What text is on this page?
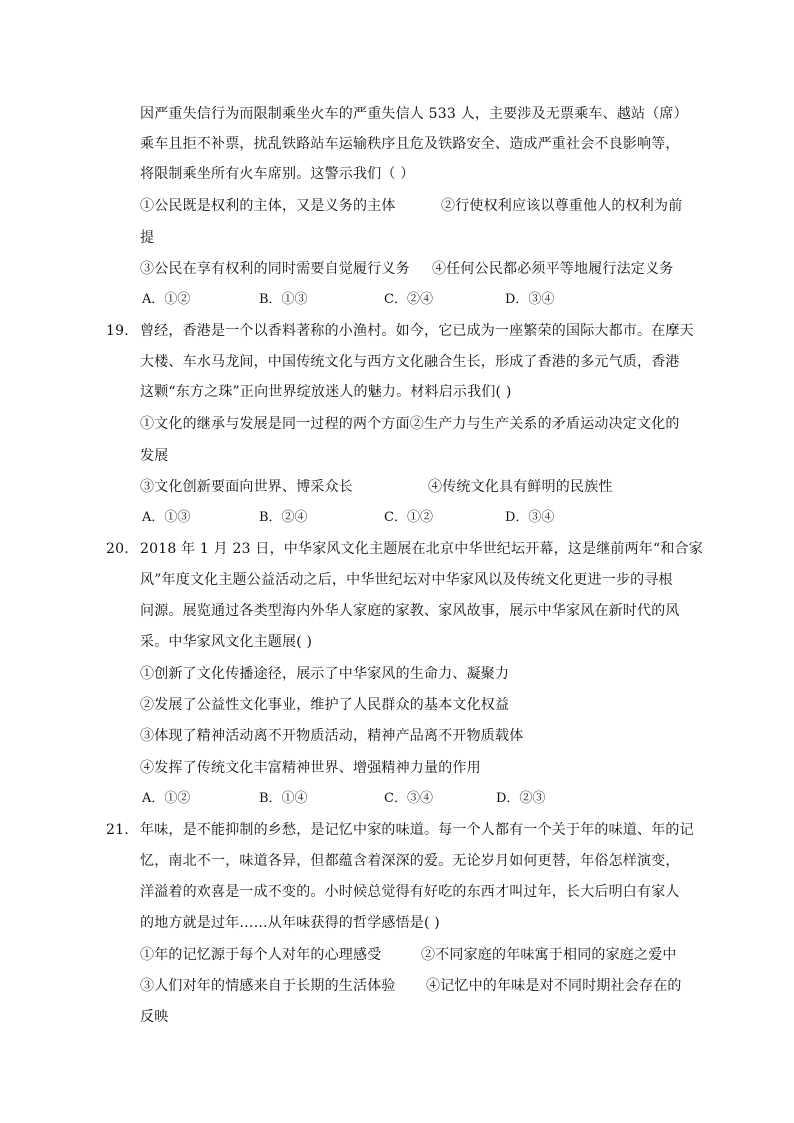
因严重失信行为而限制乘坐火车的严重失信人 533 人，主要涉及无票乘车、越站（席）
乘车且拒不补票，扰乱铁路站车运输秩序且危及铁路安全、造成严重社会不良影响等，
将限制乘坐所有火车席别。这警示我们（ ）
①公民既是权利的主体，又是义务的主体	②行使权利应该以尊重他人的权利为前
提
③公民在享有权利的同时需要自觉履行义务 ④任何公民都必须平等地履行法定义务
A．①②	B．①③	C．②④	D．③④
19. 曾经，香港是一个以香料著称的小渔村。如今，它已成为一座繁荣的国际大都市。在摩天
大楼、车水马龙间，中国传统文化与西方文化融合生长，形成了香港的多元气质，香港
这颗“东方之珠”正向世界绽放迷人的魅力。材料启示我们( )
①文化的继承与发展是同一过程的两个方面②生产力与生产关系的矛盾运动决定文化的
发展
③文化创新要面向世界、博采众长	④传统文化具有鲜明的民族性
A．①③	B．②④	C．①②	D．③④
20. 2018 年 1 月 23 日，中华家风文化主题展在北京中华世纪坛开幕，这是继前两年“和合家
风”年度文化主题公益活动之后，中华世纪坛对中华家风以及传统文化更进一步的寻根
问源。展览通过各类型海内外华人家庭的家教、家风故事，展示中华家风在新时代的风
采。中华家风文化主题展( )
①创新了文化传播途径，展示了中华家风的生命力、凝聚力
②发展了公益性文化事业，维护了人民群众的基本文化权益
③体现了精神活动离不开物质活动，精神产品离不开物质载体
④发挥了传统文化丰富精神世界、增强精神力量的作用
A．①②	B．①④	C．③④	D．②③
21. 年味，是不能抑制的乡愁，是记忆中家的味道。每一个人都有一个关于年的味道、年的记
忆，南北不一，味道各异，但都蕴含着深深的爱。无论岁月如何更替，年俗怎样演变，
洋溢着的欢喜是一成不变的。小时候总觉得有好吃的东西才叫过年，长大后明白有家人
的地方就是过年……从年味获得的哲学感悟是( )
①年的记忆源于每个人对年的心理感受	②不同家庭的年味寓于相同的家庭之爱中
③人们对年的情感来自于长期的生活体验 ④记忆中的年味是对不同时期社会存在的
反映
